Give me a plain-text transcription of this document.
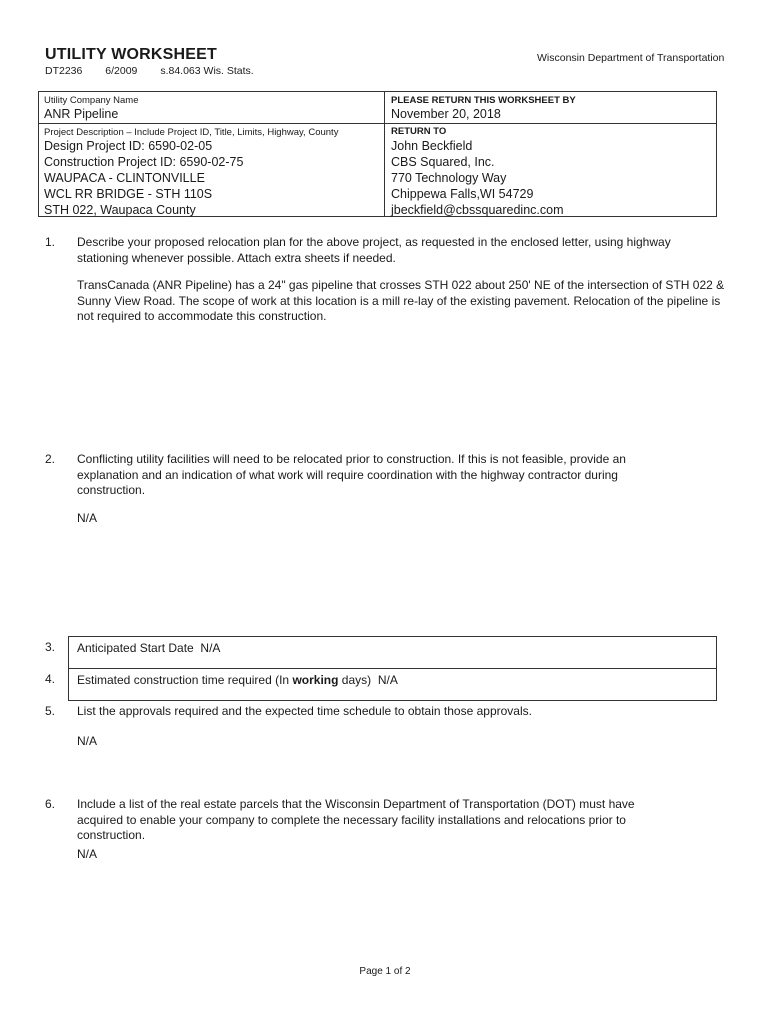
UTILITY WORKSHEET	Wisconsin Department of Transportation
DT2236 6/2009 s.84.063 Wis. Stats.
Utility Company Name
ANR Pipeline
PLEASE RETURN THIS WORKSHEET BY
November 20, 2018
Project Description – Include Project ID, Title, Limits, Highway, County
Design Project ID: 6590-02-05
Construction Project ID: 6590-02-75
WAUPACA - CLINTONVILLE
WCL RR BRIDGE - STH 110S
STH 022, Waupaca County
RETURN TO
John Beckfield
CBS Squared, Inc.
770 Technology Way
Chippewa Falls,WI 54729
jbeckfield@cbssquaredinc.com
1. Describe your proposed relocation plan for the above project, as requested in the enclosed letter, using highway stationing whenever possible. Attach extra sheets if needed.
TransCanada (ANR Pipeline) has a 24" gas pipeline that crosses STH 022 about 250' NE of the intersection of STH 022 & Sunny View Road. The scope of work at this location is a mill re-lay of the existing pavement. Relocation of the pipeline is not required to accommodate this construction.
2. Conflicting utility facilities will need to be relocated prior to construction. If this is not feasible, provide an explanation and an indication of what work will require coordination with the highway contractor during construction.
N/A
3. Anticipated Start Date N/A
4. Estimated construction time required (In working days) N/A
5. List the approvals required and the expected time schedule to obtain those approvals.
N/A
6. Include a list of the real estate parcels that the Wisconsin Department of Transportation (DOT) must have acquired to enable your company to complete the necessary facility installations and relocations prior to construction.
N/A
Page 1 of 2
